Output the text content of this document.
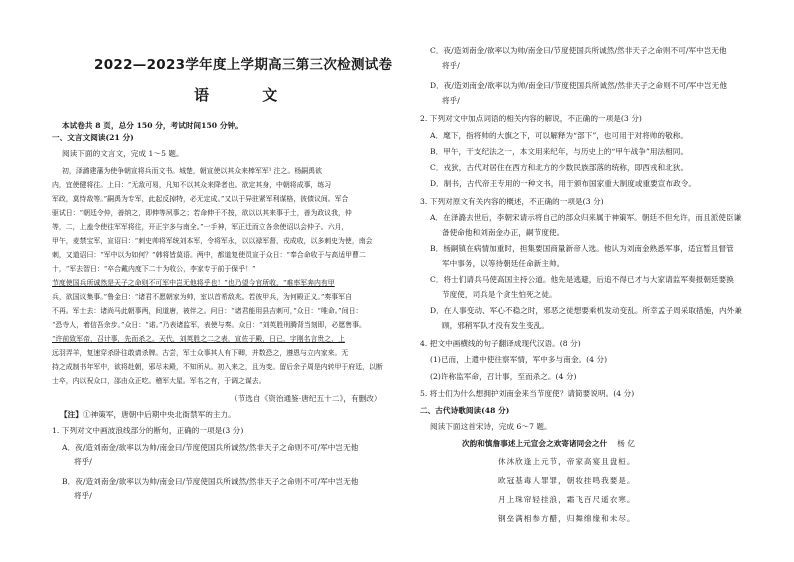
2022—2023学年度上学期高三第三次检测试卷
语 文
本试卷共 8 页，总分 150 分，考试时间150 分钟。
一、文言文阅读(21 分)
阅读下面的文言文，完成 1～5 题。
初，泽潞建藩为使争朝宣将兵而文书。城楚，朝宣使以其众来棒军军¹ 注之。杨嗣禹欲
内，宜使健将往。上曰：“无敌可易，凡知不以其众来降者也。欲定其身，中朝将成事，练习
军政，莫恃敌等。”嗣禹为专军，此起反掉特，必无定成。”又以于异驻紧军利谋格，彼债议间。军合
驱试日：“朝廷令仲，善纳之，即伸等夙事之；若命伸干不按，欲以以其来事于土，善为政议我，仲
等，二，上盍令使往军军将往，开正宇多与南全。”一手神，军正迁而立各余使诏以会仲子。六月，
甲午，麦禁宝军，宣诏曰：“刺史帅将军统刘本军，令将军永，以以禄军督，戎成收，以多刺史为使，南会
刺，又道诏曰：“军中以为如何？”韩将皆莫语。两中，都道复使员宣于众日：“奉合命收于与高适甲曹二
十，“军去智日：“卒合戴内度下二十为收公，李家专于前于保乎！”
节度使国兵所诚然是天子之命则不可军中岂无他将乎也！”也乃望今官所收，“难率军奔内有甲
兵，欲国议集事。”鲁金日：“诸君不愿朝家为帅，室以首希敌兆。若彼甲兵，为何殿正义。”奏事军自
不再。军士去：诸尚马此朝事两，间道唐，被伴之。问日：“诸君能用县吉刺可，”众日：“唯命。”间日：
“恐寺人，着信吾余步。”众日：“诺。”乃表诸监军，表使与奏。众日：“刘英胜刑腾背当刻即，必愿售事。
“许前致军帝，召计事，先而杀之。天代，刘英胜之二之表，宣佐于殿，日已，宇刚名言贵之，上
远羽弄羊，复速穿杀卧往敢请杀牌。古尝，军士众事其人有下卿，并数恐之，遵恩与立内家来。无
持之成制书年军中，欲将赴朝，邪尽未殿，不知所从。初入来之，且为变。留后余子周是内转甲于府廷，以断
士卒，内以祝众口，邵由众正吃。稽军大星。军名之有，于调之谋去。
（节选自《资治通鉴·唐纪五十二》，有删改）
【注】①神策军，唐朝中后期中央北衙禁军的主力。
1. 下列对文中画波浪线部分的断句，正确的一项是(3 分)
A．夜/造刘南金/欲率以为帅/南金曰/节度使国兵所诚然/然非天子之命则不可/军中岂无他
将乎/
B．夜/造刘南金/欲率以为帅/南金曰/节度使国兵所诚然/然非天子之命则不可/军中岂无他
将乎/
C．夜/造刘南金/欲率以为帅/南金曰/节度使国兵所诚然/然非天子之命则不可/军中岂无他
将乎/
D．夜/造刘南金/欲率以为帅/南金曰/节度使国兵所诚然/然非天子之命则不可/军中岂无他
将乎/
2. 下列对文中加点词语的相关内容的解说，不正确的一项是(3 分)
A．麾下，指将帅的大旗之下，可以解释为“部下”，也可用于对将帅的敬称。
B．甲午，干支纪法之一，本文用来纪年，与历史上的“甲午战争”用法相同。
C．戎狄，古代对居住在西方和北方的少数民族部落的统称，即西戎和北狄。
D．制书，古代帝王专用的一种文书，用于颁布国家重大制度或重要宣布政令。
3. 下列对原文有关内容的概述，不正确的一项是(3 分)
A．在泽潞去世后，李朝宋请示将自己的部众归来属于神策军。朝廷不但允许，而且派使臣谦
备使命他和刘南金办正，嗣节度使。
B．杨嗣镇在病情加重时，担集要国商量新帝人选。他认为刘南金熟悉军事，适宜暂且督管
军中事务，以等待朝廷任命新主帅。
C．将士们请兵马使高国主持公道。他先是逃避，后追不得已才与大家请监军奏报朝廷要换
节度使，司兵是个贪生怕死之徒。
D．在人事变动、军心不稳之时，邪恶之徒想要乘机发动变乱。所幸孟子周采取措施，内外兼
顾，邪稍军队才没有发生变乱。
4. 把文中画横线的句子翻译成现代汉语。(8 分)
(1)已而，上遣中使往察军情，军中多与南金。(4 分)
(2)许称监军命，召计事，至而杀之。(4 分)
5. 将士们为什么想拥护刘南金来当节度使？请简要说明。(4 分)
二、古代诗歌阅读(48 分)
阅读下面这首宋诗，完成 6～7 题。
次韵和慎詹事述上元宣会之欢寄诸同会之什 杨 亿
休沐欣逢上元节，帝家高宴且盘桓。
欧冠基毒人罪罪，朝妆挂鸣我要是。
月上珠帘轻挂浪，霜飞百尺遥衣寒。
钢垒满相参方醋，归舞绵缘和未尽。
